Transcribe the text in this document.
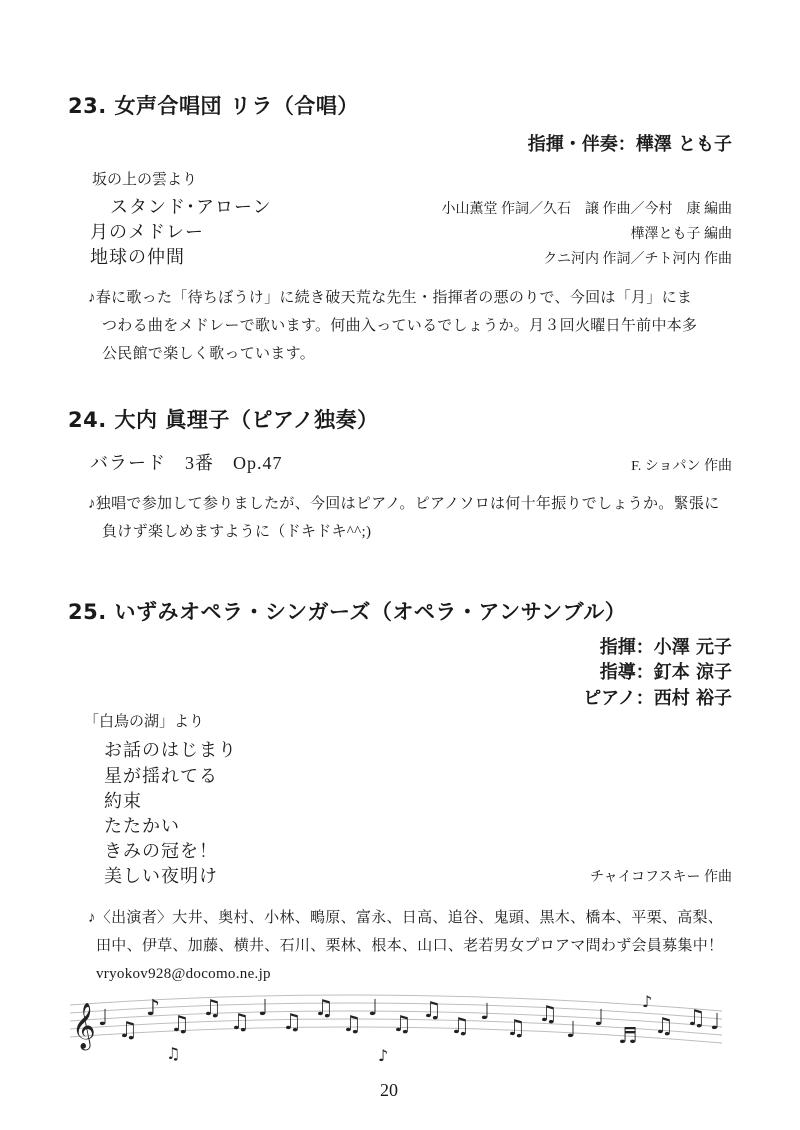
23. 女声合唱団 リラ（合唱）
指揮・伴奏：樺澤 とも子
坂の上の雲より
スタンド･アローン	小山薫堂 作詞／久石　譲 作曲／今村　康 編曲
月のメドレー	樺澤とも子 編曲
地球の仲間	クニ河内 作詞／チト河内 作曲
♪春に歌った「待ちぼうけ」に続き破天荒な先生・指揮者の悪のりで、今回は「月」にま
つわる曲をメドレーで歌います。何曲入っているでしょうか。月３回火曜日午前中本多
公民館で楽しく歌っています。
24. 大内 眞理子（ピアノ独奏）
バラード　3番　Op.47	F. ショパン 作曲
♪独唱で参加して参りましたが、今回はピアノ。ピアノソロは何十年振りでしょうか。緊張に
負けず楽しめますように（ドキドキ^^;)
25. いずみオペラ・シンガーズ（オペラ・アンサンブル）
指揮：小澤 元子
指導：釘本 涼子
ピアノ：西村 裕子
「白鳥の湖」より
お話のはじまり
星が揺れてる
約束
たたかい
きみの冠を！
美しい夜明け	チャイコフスキー 作曲
♪〈出演者〉大井、奥村、小林、鴫原、富永、日高、追谷、鬼頭、黒木、橋本、平栗、高梨、
田中、伊草、加藤、横井、石川、栗林、根本、山口、老若男女プロアマ問わず会員募集中！
vryokov928@docomo.ne.jp
𝄞 ♩ ♫
♪
♫
♫
♫
♩
♫
♫
♫
♩
♫
♫
♫
♩
♫
♫
♩ ♩
♬ ♫ ♫ ♩
♫	♪
♪
20
